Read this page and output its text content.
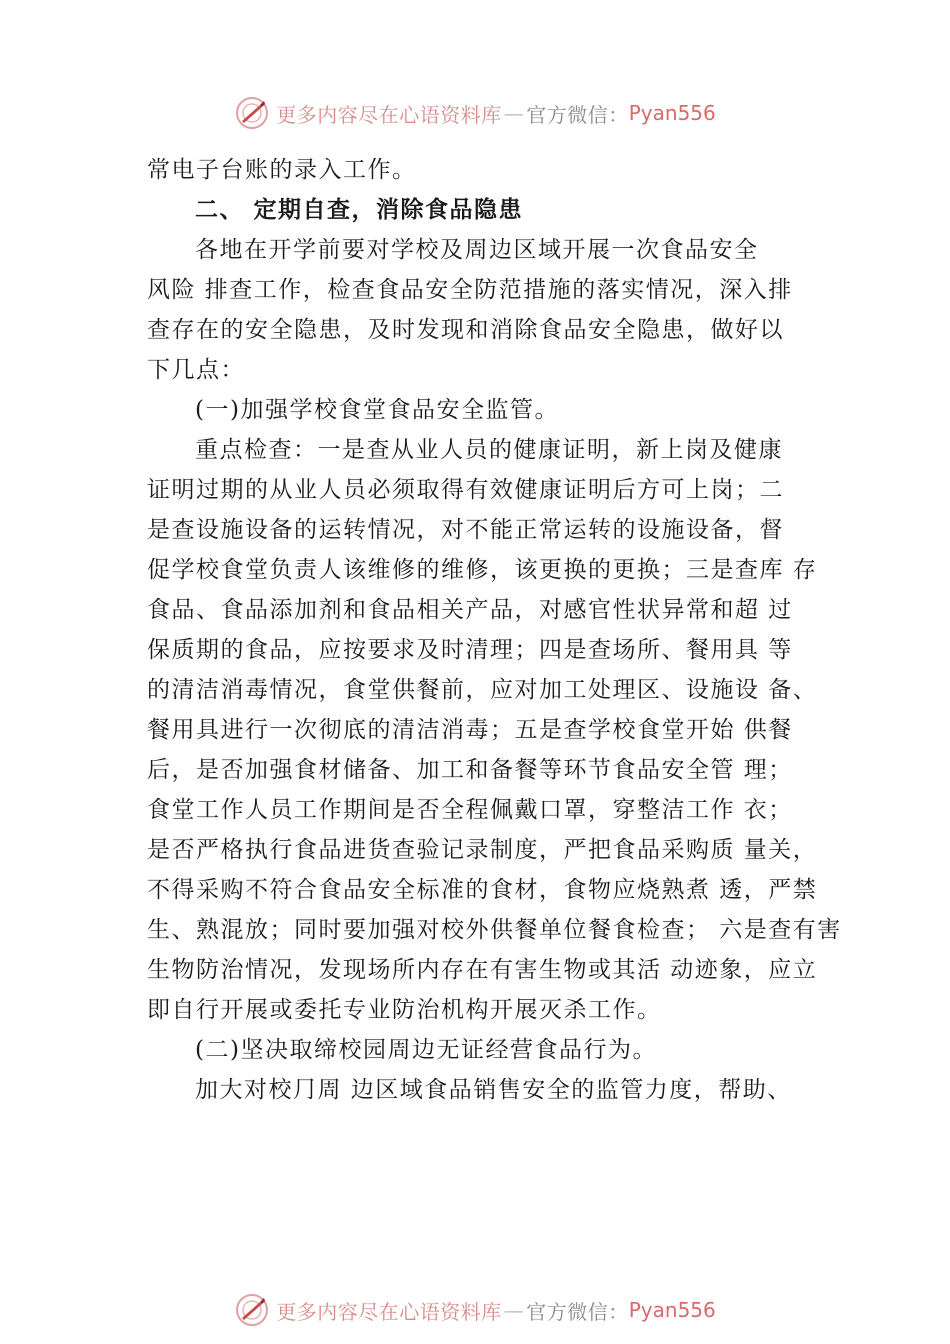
更多内容尽在心语资料库 — 官方微信： Pyan556
常电子台账的录入工作。
二、 定期自查，消除食品隐患
各地在开学前要对学校及周边区域开展一次食品安全
风险 排查工作，检查食品安全防范措施的落实情况，深入排
查存在的安全隐患，及时发现和消除食品安全隐患，做好以
下几点：
(一)加强学校食堂食品安全监管。
重点检查：一是查从业人员的健康证明，新上岗及健康
证明过期的从业人员必须取得有效健康证明后方可上岗；二
是查设施设备的运转情况，对不能正常运转的设施设备，督
促学校食堂负责人该维修的维修，该更换的更换；三是查库 存
食品、食品添加剂和食品相关产品，对感官性状异常和超 过
保质期的食品，应按要求及时清理；四是查场所、餐用具 等
的清洁消毒情况，食堂供餐前，应对加工处理区、设施设 备、
餐用具进行一次彻底的清洁消毒；五是查学校食堂开始 供餐
后，是否加强食材储备、加工和备餐等环节食品安全管 理；
食堂工作人员工作期间是否全程佩戴口罩，穿整洁工作 衣；
是否严格执行食品进货查验记录制度，严把食品采购质 量关，
不得采购不符合食品安全标准的食材，食物应烧熟煮 透，严禁
生、熟混放；同时要加强对校外供餐单位餐食检查； 六是查有害
生物防治情况，发现场所内存在有害生物或其活 动迹象，应立
即自行开展或委托专业防治机构开展灭杀工作。
(二)坚决取缔校园周边无证经营食品行为。
加大对校⺆周 边区域食品销售安全的监管力度，帮助、
更多内容尽在心语资料库 — 官方微信： Pyan556
